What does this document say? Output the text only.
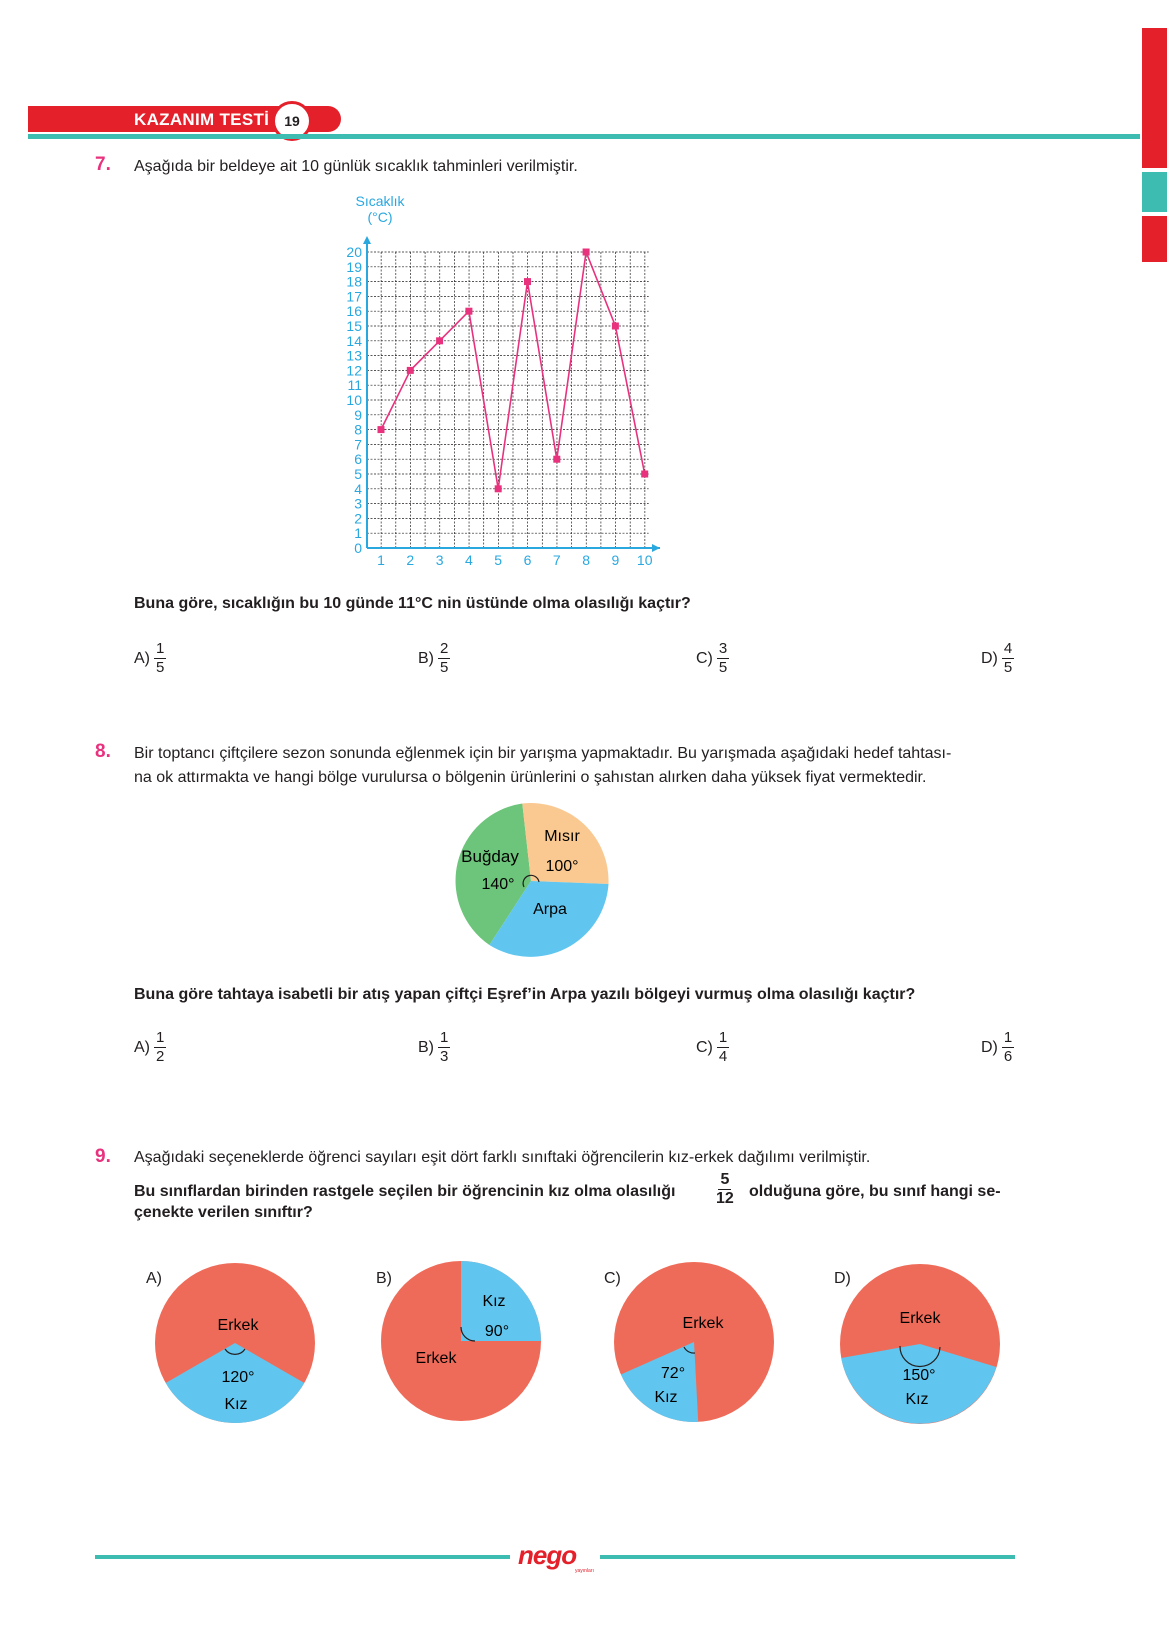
KAZANIM TESTİ	19
7. Aşağıda bir beldeye ait 10 günlük sıcaklık tahminleri verilmiştir.
Sıcaklık
(°C)
0
1
2
3
4
5
6
7
8
9
10
11
12
13
14
15
16
17
18
19
20
1 2 3 4 5 6 7 8 9 10
Buna göre, sıcaklığın bu 10 günde 11°C nin üstünde olma olasılığı kaçtır?
$A) \frac{1}{5}$	$B) \frac{2}{5}$	$C) \frac{3}{5}$	$D) \frac{4}{5}$
8. Bir toptancı çiftçilere sezon sonunda eğlenmek için bir yarışma yapmaktadır. Bu yarışmada aşağıdaki hedef tahtası-
na ok attırmakta ve hangi bölge vurulursa o bölgenin ürünlerini o şahıstan alırken daha yüksek fiyat vermektedir.
Buğday
140°
Mısır
100°
Arpa
Buna göre tahtaya isabetli bir atış yapan çiftçi Eşref’in Arpa yazılı bölgeyi vurmuş olma olasılığı kaçtır?
$A) \frac{1}{2}$	$B) \frac{1}{3}$	$C) \frac{1}{4}$	$D) \frac{1}{6}$
9. Aşağıdaki seçeneklerde öğrenci sayıları eşit dört farklı sınıftaki öğrencilerin kız-erkek dağılımı verilmiştir.
Bu sınıflardan birinden rastgele seçilen bir öğrencinin kız olma olasılığı	$\frac{5}{12}$ olduğuna göre, bu sınıf hangi se-
çenekte verilen sınıftır?
A)
Erkek
120°
Kız
B)
Kız
90°
Erkek
C)
Erkek
72°
Kız
D)
Erkek
150°
Kız
nego
yayınları
